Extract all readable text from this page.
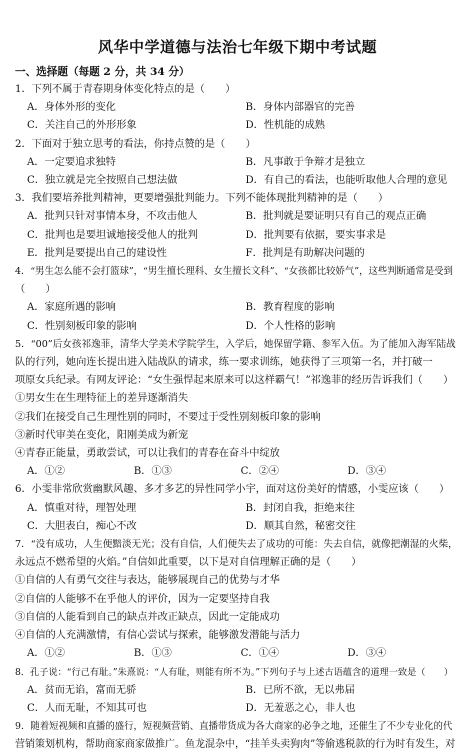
风华中学道德与法治七年级下期中考试题
一、选择题（每题 2 分，共 34 分）
1．下列不属于青春期身体变化特点的是（　　）
A．身体外形的变化	B．身体内部器官的完善
C．关注自己的外形形象	D．性机能的成熟
2．下面对于独立思考的看法，你持点赞的是（　　）
A．一定要追求独特	B．凡事敢于争辩才是独立
C．独立就是完全按照自己想法做	D．有自己的看法，也能听取他人合理的意见
3．我们要培养批判精神，更要增强批判能力。下列不能体现批判精神的是（　　）
A．批判只针对事情本身，不攻击他人	B．批判就是要证明只有自己的观点正确
C．批判也是要坦诚地接受他人的批判	D．批判要有依据，要实事求是
E．批判是要提出自己的建设性	F．批判是有助解决问题的
4．“男生怎么能不会打篮球”，“男生擅长理科、女生擅长文科”、“女孩都比较娇气”，这些判断通常是受到
（　　）
A．家庭所遇的影响	B．教育程度的影响
C．性别刻板印象的影响	D．个人性格的影响
5．“00”后女孩祁逸菲，清华大学美术学院学生，入学后，她保留学籍、参军入伍。为了能加入海军陆战
队的行列，她向连长提出进入陆战队的请求，练一要求训练，她获得了三项第一名，并打破一
项原女兵纪录。有网友评论：“女生强悍起来原来可以这样霸气！”祁逸菲的经历告诉我们（　　）
①男女生在生理特征上的差异逐渐消失
②我们在接受自己生理性别的同时，不要过于受性别刻板印象的影响
③新时代审美在变化，阳刚美成为新宠
④青春正能量，勇敢尝试，可以让我们的青春在奋斗中绽放
A．①②	B．①③	C．②④	D．③④
6．小雯非常欣赏幽默风趣、多才多艺的异性同学小宇，面对这份美好的情感，小雯应该（　　）
A．慎重对待，理智处理	B．封闭自我，拒绝来往
C．大胆表白，痴心不改	D．顺其自然，秘密交往
7．“没有成功，人生便黯淡无光；没有自信，人们便失去了成功的可能：失去自信，就像把潮湿的火柴，
永远点不燃希望的火焰。”自信如此重要，以下是对自信理解正确的是（　　）
①自信的人有勇气交往与表达，能够展现自己的优势与才华
②自信的人能够不在乎他人的评价，因为一定要坚持自我
③自信的人能看到自己的缺点并改正缺点，因此一定能成功
④自信的人充满激情，有信心尝试与探索，能够激发潜能与活力
A．①②	B．①③	C．①④	D．③④
8．孔子说：“行己有耻。”朱熹说：“人有耻，则能有所不为。”下列句子与上述古语蕴含的道理一致是（　　）
A．贫而无谄，富而无骄	B．已所不欲，无以弗届
C．人而无耻，不知其可也	D．无羞恶之心，非人也
9．随着短视频和直播的盛行，短视频营销、直播带货成为各大商家的必争之地，还催生了不少专业化的代
营销策划机构，帮助商家商家做推广。鱼龙混杂中，“挂羊头卖狗肉”等偷逃税款的行为时有发生，对
